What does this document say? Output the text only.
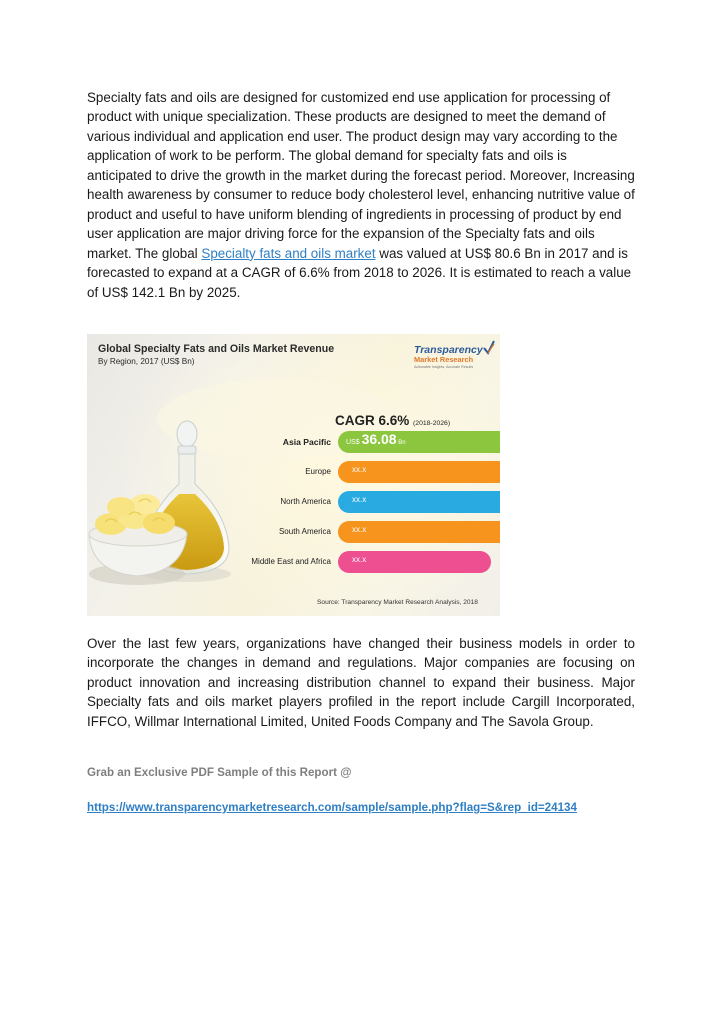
Specialty fats and oils are designed for customized end use application for processing of product with unique specialization. These products are designed to meet the demand of various individual and application end user. The product design may vary according to the application of work to be perform. The global demand for specialty fats and oils is anticipated to drive the growth in the market during the forecast period. Moreover, Increasing health awareness by consumer to reduce body cholesterol level, enhancing nutritive value of product and useful to have uniform blending of ingredients in processing of product by end user application are major driving force for the expansion of the Specialty fats and oils market. The global Specialty fats and oils market was valued at US$ 80.6 Bn in 2017 and is forecasted to expand at a CAGR of 6.6% from 2018 to 2026. It is estimated to reach a value of US$ 142.1 Bn by 2025.

Global Specialty Fats and Oils Market Revenue
By Region, 2017 (US$ Bn)
Transparency
Market Research
Actionable Insights, Accurate Results
CAGR 6.6% (2018-2026)
Asia Pacific US$ 36.08 Bn
Europe	xx.x
North America	xx.x
South America	xx.x
Middle East and Africa	xx.x
Source: Transparency Market Research Analysis, 2018

Over the last few years, organizations have changed their business models in order to incorporate the changes in demand and regulations. Major companies are focusing on product innovation and increasing distribution channel to expand their business. Major Specialty fats and oils market players profiled in the report include Cargill Incorporated, IFFCO, Willmar International Limited, United Foods Company and The Savola Group.

Grab an Exclusive PDF Sample of this Report @
https://www.transparencymarketresearch.com/sample/sample.php?flag=S&rep_id=24134
